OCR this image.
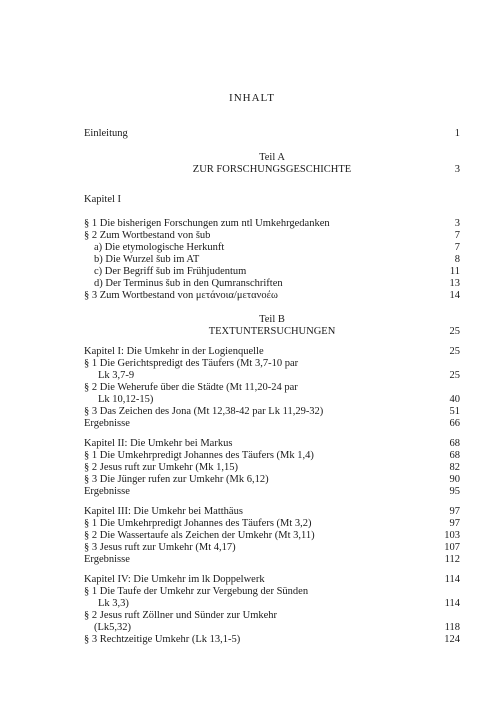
INHALT
Einleitung	1
Teil A
ZUR FORSCHUNGSGESCHICHTE	3
Kapitel I
§ 1 Die bisherigen Forschungen zum ntl Umkehrgedanken	3
§ 2 Zum Wortbestand von šub	7
a) Die etymologische Herkunft	7
b) Die Wurzel šub im AT	8
c) Der Begriff šub im Frühjudentum	11
d) Der Terminus šub in den Qumranschriften	13
§ 3 Zum Wortbestand von μετάνοια/μετανοέω	14
Teil B
TEXTUNTERSUCHUNGEN	25
Kapitel I: Die Umkehr in der Logienquelle	25
§ 1 Die Gerichtspredigt des Täufers (Mt 3,7-10 par
Lk 3,7-9	25
§ 2 Die Weherufe über die Städte (Mt 11,20-24 par
Lk 10,12-15)	40
§ 3 Das Zeichen des Jona (Mt 12,38-42 par Lk 11,29-32)	51
Ergebnisse	66
Kapitel II: Die Umkehr bei Markus	68
§ 1 Die Umkehrpredigt Johannes des Täufers (Mk 1,4)	68
§ 2 Jesus ruft zur Umkehr (Mk 1,15)	82
§ 3 Die Jünger rufen zur Umkehr (Mk 6,12)	90
Ergebnisse	95
Kapitel III: Die Umkehr bei Matthäus	97
§ 1 Die Umkehrpredigt Johannes des Täufers (Mt 3,2)	97
§ 2 Die Wassertaufe als Zeichen der Umkehr (Mt 3,11)	103
§ 3 Jesus ruft zur Umkehr (Mt 4,17)	107
Ergebnisse	112
Kapitel IV: Die Umkehr im lk Doppelwerk	114
§ 1 Die Taufe der Umkehr zur Vergebung der Sünden
Lk 3,3)	114
§ 2 Jesus ruft Zöllner und Sünder zur Umkehr
(Lk5,32)	118
§ 3 Rechtzeitige Umkehr (Lk 13,1-5)	124
